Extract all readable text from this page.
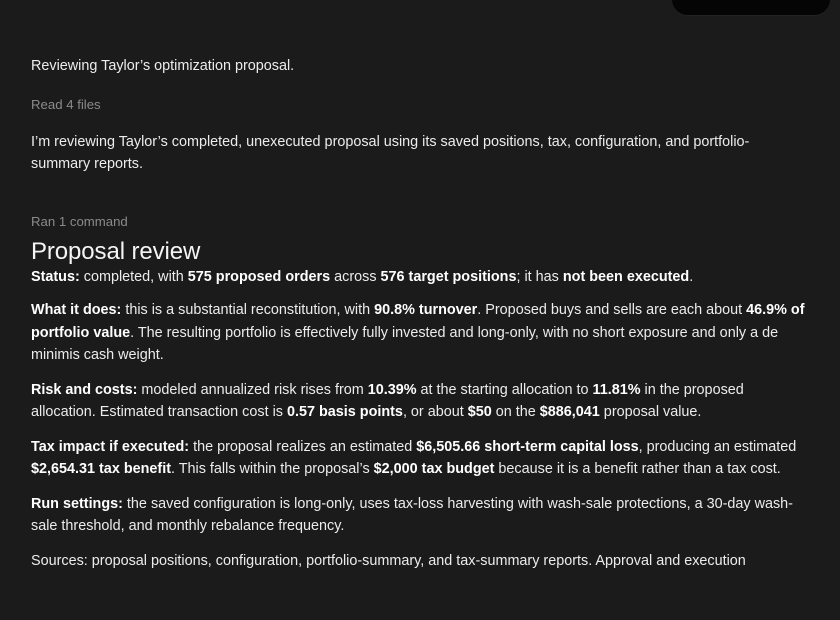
Reviewing Taylor’s optimization proposal.

Read 4 files

I’m reviewing Taylor’s completed, unexecuted proposal using its saved positions, tax, configuration, and portfolio-summary reports.

Ran 1 command
Proposal review

Status: completed, with 575 proposed orders across 576 target positions; it has not been executed.

What it does: this is a substantial reconstitution, with 90.8% turnover. Proposed buys and sells are each about 46.9% of portfolio value. The resulting portfolio is effectively fully invested and long-only, with no short exposure and only a de minimis cash weight.

Risk and costs: modeled annualized risk rises from 10.39% at the starting allocation to 11.81% in the proposed allocation. Estimated transaction cost is 0.57 basis points, or about $50 on the $886,041 proposal value.

Tax impact if executed: the proposal realizes an estimated $6,505.66 short-term capital loss, producing an estimated $2,654.31 tax benefit. This falls within the proposal’s $2,000 tax budget because it is a benefit rather than a tax cost.

Run settings: the saved configuration is long-only, uses tax-loss harvesting with wash-sale protections, a 30-day wash-sale threshold, and monthly rebalance frequency.

Sources: proposal positions, configuration, portfolio-summary, and tax-summary reports. Approval and execution
